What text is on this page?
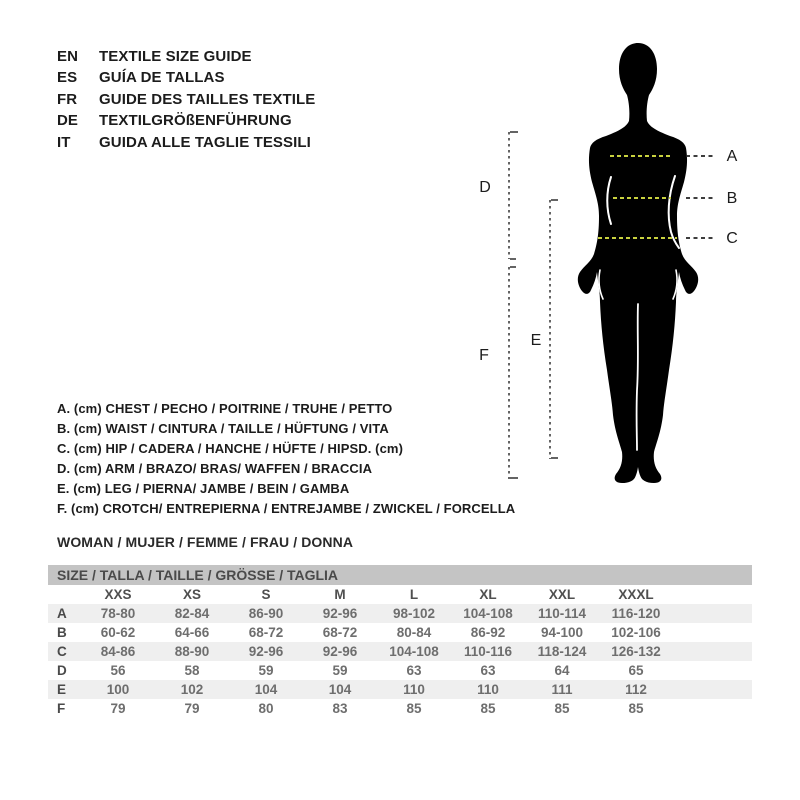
EN TEXTILE SIZE GUIDE
ES GUÍA DE TALLAS
FR GUIDE DES TAILLES TEXTILE
DE TEXTILGRÖßENFÜHRUNG
IT GUIDA ALLE TAGLIE TESSILI
A
B
C
D
F
E
A. (cm) CHEST / PECHO / POITRINE / TRUHE / PETTO
B. (cm) WAIST / CINTURA / TAILLE / HÜFTUNG / VITA
C. (cm) HIP / CADERA / HANCHE / HÜFTE / HIPSD. (cm)
D. (cm) ARM / BRAZO/ BRAS/ WAFFEN / BRACCIA
E. (cm) LEG / PIERNA/ JAMBE / BEIN / GAMBA
F. (cm) CROTCH/ ENTREPIERNA / ENTREJAMBE / ZWICKEL / FORCELLA
WOMAN / MUJER / FEMME / FRAU / DONNA
SIZE / TALLA / TAILLE / GRÖSSE / TAGLIA									
	XXS	XS	S	M	L	XL	XXL	XXXL	
A	78-80	82-84	86-90	92-96	98-102	104-108	110-114	116-120	
B	60-62	64-66	68-72	68-72	80-84	86-92	94-100	102-106	
C	84-86	88-90	92-96	92-96	104-108	110-116	118-124	126-132	
D	56	58	59	59	63	63	64	65	
E	100	102	104	104	110	110	111	112	
F	79	79	80	83	85	85	85	85	
